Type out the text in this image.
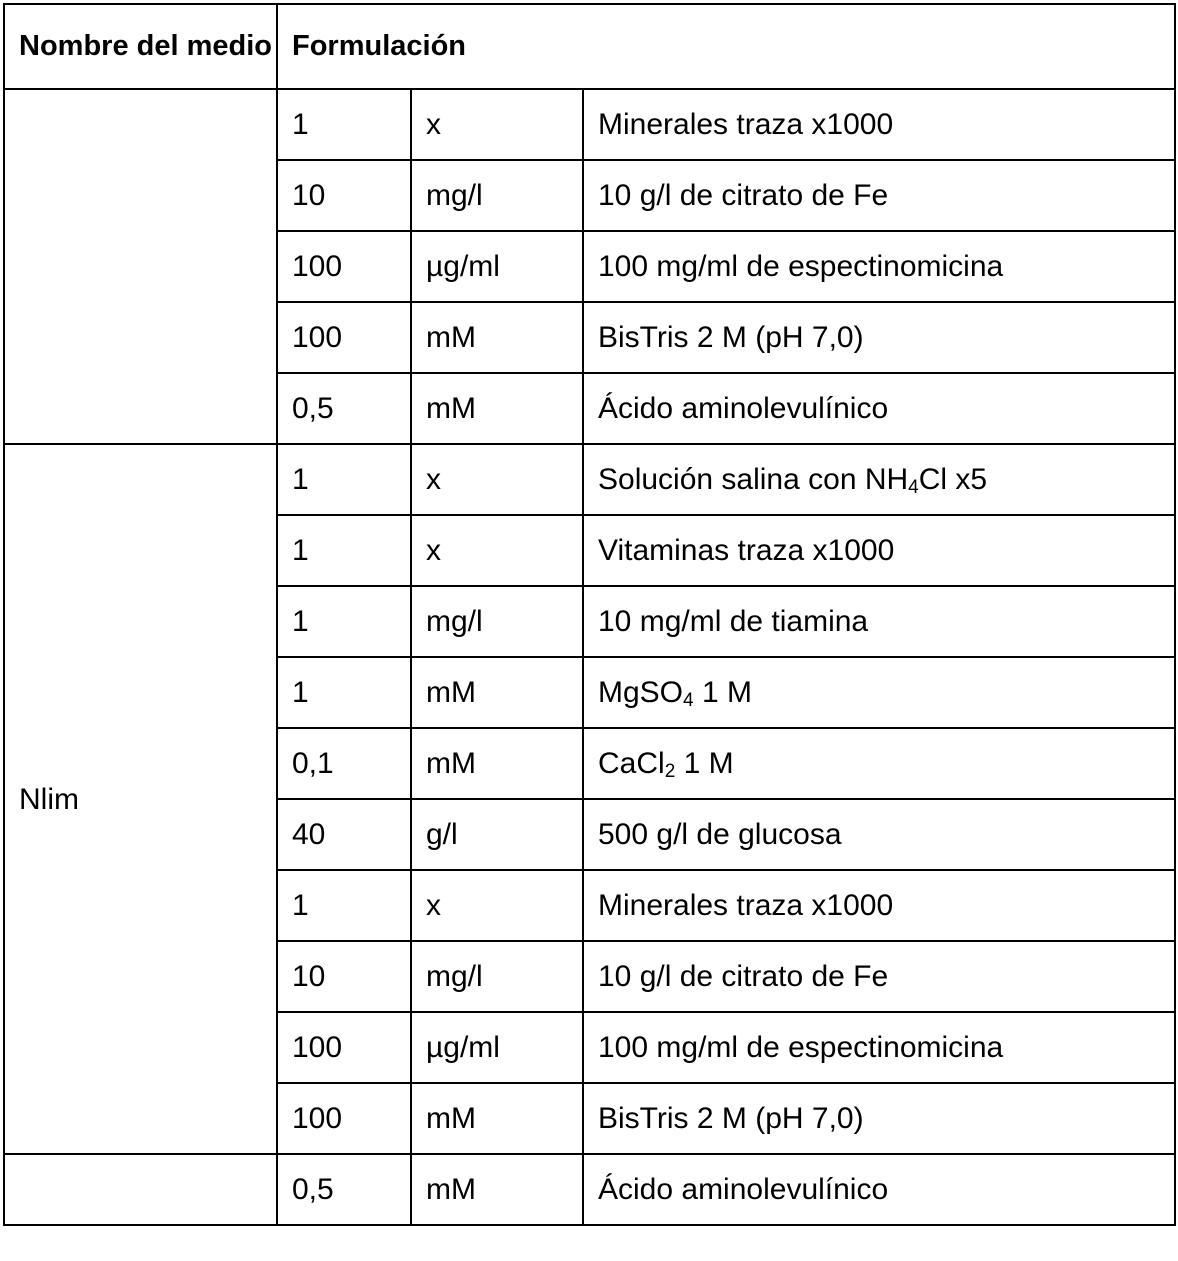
Nombre del medio	Formulación
	1	x	Minerales traza x1000
10	mg/l	10 g/l de citrato de Fe
100	µg/ml	100 mg/ml de espectinomicina
100	mM	BisTris 2 M (pH 7,0)
0,5	mM	Ácido aminolevulínico
Nlim	1	x	Solución salina con NH4Cl x5
1	x	Vitaminas traza x1000
1	mg/l	10 mg/ml de tiamina
1	mM	MgSO4 1 M
0,1	mM	CaCl2 1 M
40	g/l	500 g/l de glucosa
1	x	Minerales traza x1000
10	mg/l	10 g/l de citrato de Fe
100	µg/ml	100 mg/ml de espectinomicina
100	mM	BisTris 2 M (pH 7,0)
	0,5	mM	Ácido aminolevulínico
